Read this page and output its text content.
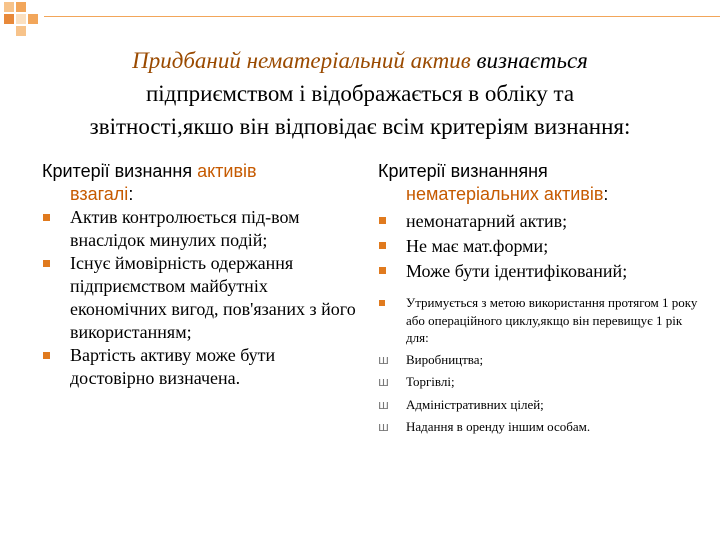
Придбаний нематеріальний актив визнається
підприємством і відображається в обліку та
звітності,якшо він відповідає всім критеріям визнання:
Критерії визнання активів
взагалі:
Актив контролюється під-вом внаслідок минулих подій;
Існує ймовірність одержання підприємством майбутніх економічних вигод, пов'язаних з його використанням;
Вартість активу може бути достовірно визначена.
Критерії визнанняня
нематеріальних активів:
немонатарний актив;
Не має мат.форми;
Може бути ідентифікований;
Утримується з метою використання протягом 1 року або операційного циклу,якщо він перевищує 1 рік для:
ш Виробництва;
ш Торгівлі;
ш Адміністративних цілей;
ш Надання в оренду іншим особам.
